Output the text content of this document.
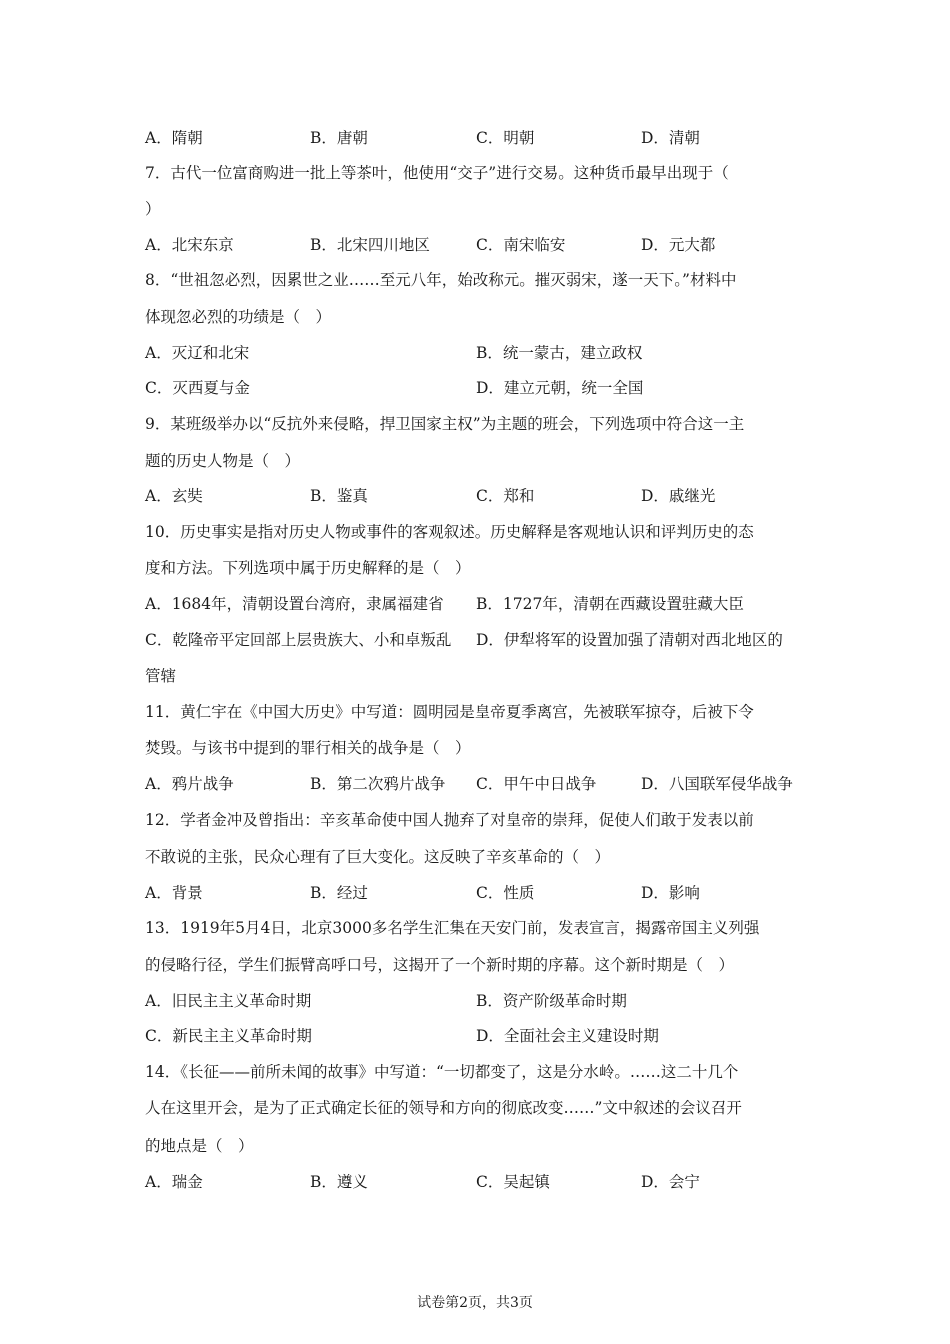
A．隋朝	B．唐朝	C．明朝	D．清朝
7．古代一位富商购进一批上等茶叶，他使用“交子”进行交易。这种货币最早出现于（
）
A．北宋东京	B．北宋四川地区	C．南宋临安	D．元大都
8．“世祖忽必烈，因累世之业……至元八年，始改称元。摧灭弱宋，遂一天下。”材料中
体现忽必烈的功绩是（　）
A．灭辽和北宋	B．统一蒙古，建立政权
C．灭西夏与金	D．建立元朝，统一全国
9．某班级举办以“反抗外来侵略，捍卫国家主权”为主题的班会，下列选项中符合这一主
题的历史人物是（　）
A．玄奘	B．鉴真	C．郑和	D．戚继光
10．历史事实是指对历史人物或事件的客观叙述。历史解释是客观地认识和评判历史的态
度和方法。下列选项中属于历史解释的是（　）
A．1684年，清朝设置台湾府，隶属福建省 B．1727年，清朝在西藏设置驻藏大臣
C．乾隆帝平定回部上层贵族大、小和卓叛乱 D．伊犁将军的设置加强了清朝对西北地区的
管辖
11．黄仁宇在《中国大历史》中写道：圆明园是皇帝夏季离宫，先被联军掠夺，后被下令
焚毁。与该书中提到的罪行相关的战争是（　）
A．鸦片战争	B．第二次鸦片战争 C．甲午中日战争	D．八国联军侵华战争
12．学者金冲及曾指出：辛亥革命使中国人抛弃了对皇帝的崇拜，促使人们敢于发表以前
不敢说的主张，民众心理有了巨大变化。这反映了辛亥革命的（　）
A．背景	B．经过	C．性质	D．影响
13．1919年5月4日，北京3000多名学生汇集在天安门前，发表宣言，揭露帝国主义列强
的侵略行径，学生们振臂高呼口号，这揭开了一个新时期的序幕。这个新时期是（　）
A．旧民主主义革命时期	B．资产阶级革命时期
C．新民主主义革命时期	D．全面社会主义建设时期
14．《长征——前所未闻的故事》中写道：“一切都变了，这是分水岭。……这二十几个
人在这里开会，是为了正式确定长征的领导和方向的彻底改变……”文中叙述的会议召开
的地点是（　）
A．瑞金	B．遵义	C．吴起镇	D．会宁
试卷第2页，共3页
